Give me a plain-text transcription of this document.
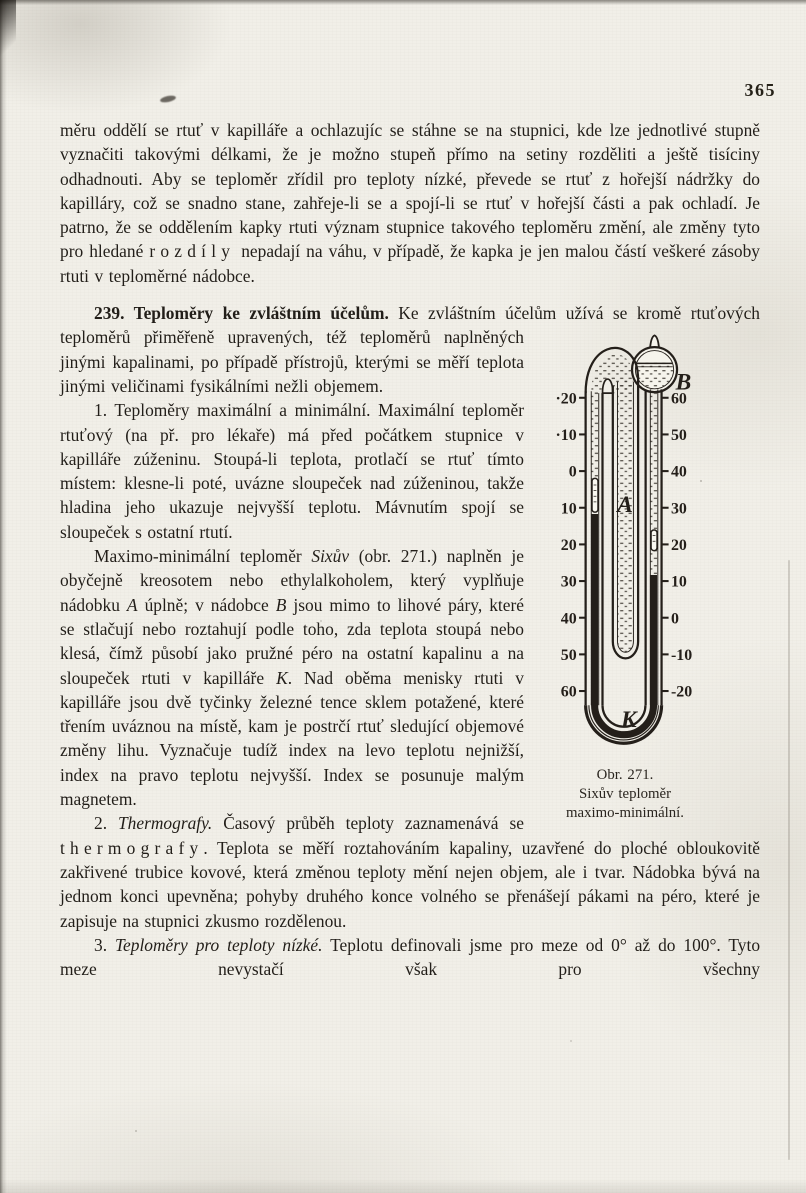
365

měru oddělí se rtuť v kapilláře a ochlazujíc se stáhne se na stupnici, kde lze jednotlivé stupně vyznačiti takovými délkami, že je možno stupeň přímo na setiny rozděliti a ještě tisíciny odhadnouti. Aby se teploměr zřídil pro teploty nízké, převede se rtuť z hořejší nádržky do kapilláry, což se snadno stane, zahřeje-li se a spojí-li se rtuť v hořejší části a pak ochladí. Je patrno, že se oddělením kapky rtuti význam stupnice takového teploměru změní, ale změny tyto pro hledané rozdíly nepadají na váhu, v případě, že kapka je jen malou částí veškeré zásoby rtuti v teploměrné nádobce.

239. Teploměry ke zvláštním účelům. Ke zvláštním účelům užívá se kromě rtuťových teploměrů přiměřeně upravených, též
A
B
K
·20
·10
0
10
20
30
40
50
60
60
50
40
30
20
10
0
-10
-20
Obr. 271.
Sixův teploměr
maximo-minimální.
teploměrů naplněných jinými kapalinami, po případě přístrojů, kterými se měří teplota jinými veličinami fysikálními nežli objemem.

1. Teploměry maximální a minimální. Maximální teploměr rtuťový (na př. pro lékaře) má před počátkem stupnice v kapilláře zúženinu. Stoupá-li teplota, protlačí se rtuť tímto místem: klesne-li poté, uvázne sloupeček nad zúženinou, takže hladina jeho ukazuje nejvyšší teplotu. Mávnutím spojí se sloupeček s ostatní rtutí.

Maximo-minimální teploměr Sixův (obr. 271.) naplněn je obyčejně kreosotem nebo ethylalkoholem, který vyplňuje nádobku A úplně; v nádobce B jsou mimo to lihové páry, které se stlačují nebo roztahují podle toho, zda teplota stoupá nebo klesá, čímž působí jako pružné péro na ostatní kapalinu a na sloupeček rtuti v kapilláře K. Nad oběma menisky rtuti v kapilláře jsou dvě tyčinky železné tence sklem potažené, které třením uváznou na místě, kam je postrčí rtuť sledující objemové změny lihu. Vyznačuje tudíž index na levo teplotu nejnižší, index na pravo teplotu nejvyšší. Index se posunuje malým magnetem.

2. Thermografy. Časový průběh teploty zaznamenává se thermografy. Teplota se měří roztahováním kapaliny, uzavřené do ploché obloukovitě zakřivené trubice kovové, která změnou teploty mění nejen objem, ale i tvar. Nádobka bývá na jednom konci upevněna; pohyby druhého konce volného se přenášejí pákami na péro, které je zapisuje na stupnici zkusmo rozdělenou.

3. Teploměry pro teploty nízké. Teplotu definovali jsme pro meze od 0° až do 100°. Tyto meze nevystačí však pro všechny
